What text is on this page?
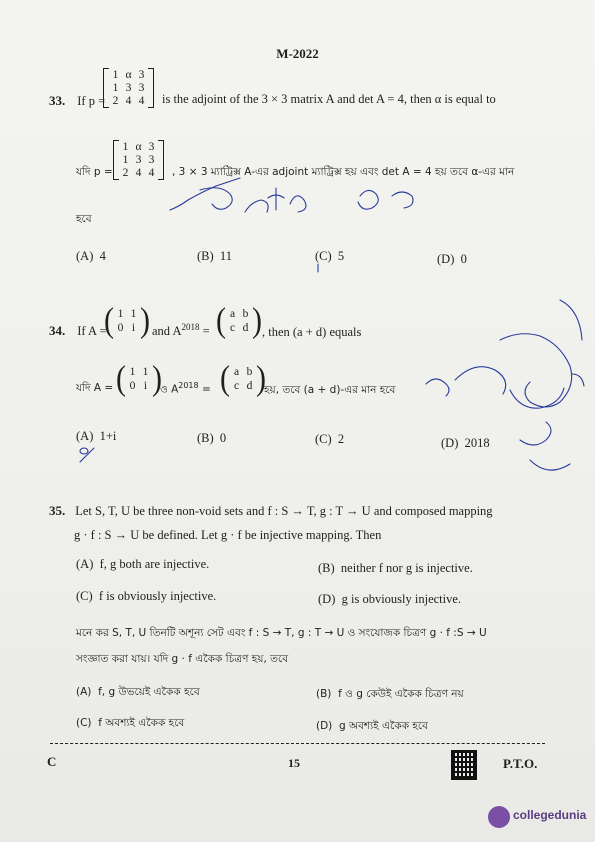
M-2022
33. If p =
1 α 3
1 3 3
2 4 4 is the adjoint of the 3 × 3 matrix A and det A = 4, then α is equal to
যদি p =
1 α 3
1 3 3
2 4 4	, 3 × 3 ম্যাট্রিক্স A-এর adjoint ম্যাট্রিক্স হয় এবং det A = 4 হয় তবে α-এর মান
হবে
(A) 4	(B) 11	(C) 5	(D) 0
34. If A =
( 1 1
0 i ) and $A^{2018}$ = ( a b
c d ) , then (a + d) equals
যদি A = ( 1 1
0 i )
ও $A^{2018}$ = ( a b
c d )
হয়, তবে (a + d)-এর মান হবে
(A) 1+i	(B) 0	(C) 2	(D) 2018
35. Let S, T, U be three non-void sets and f : S → T, g : T → U and composed mapping
g · f : S → U be defined. Let g · f be injective mapping. Then
(A) f, g both are injective.	(B) neither f nor g is injective.
(C) f is obviously injective.	(D) g is obviously injective.
মনে কর S, T, U তিনটি অশূন্য সেট এবং f : S → T, g : T → U ও সংযোজক চিত্রণ g · f :S → U
সংজ্ঞাত করা যায়। যদি g · f একৈক চিত্রণ হয়, তবে
(A) f, g উভয়েই একৈক হবে	(B) f ও g কেউই একৈক চিত্রণ নয়
(C) f অবশ্যই একৈক হবে	(D) g অবশ্যই একৈক হবে
C	15	P.T.O.
collegedunia
